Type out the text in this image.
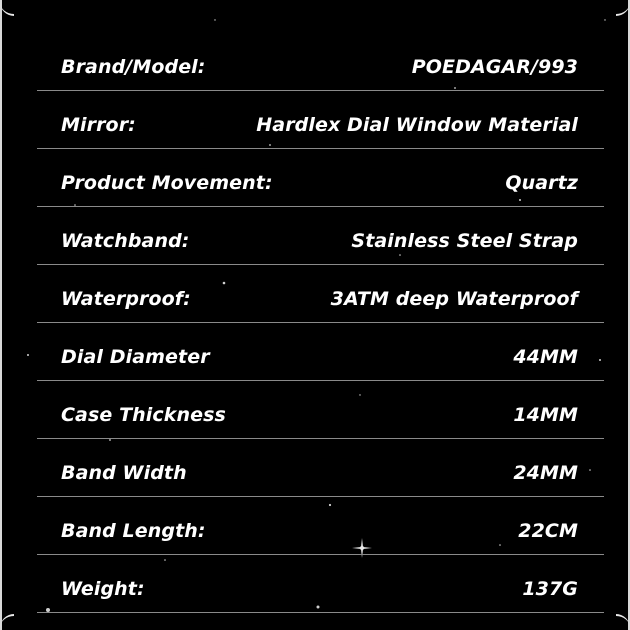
Brand/Model:	POEDAGAR/993
Mirror:	Hardlex Dial Window Material
Product Movement:	Quartz
Watchband:	Stainless Steel Strap
Waterproof:	3ATM deep Waterproof
Dial Diameter	44MM
Case Thickness	14MM
Band Width	24MM
Band Length:	22CM
Weight:	137G
